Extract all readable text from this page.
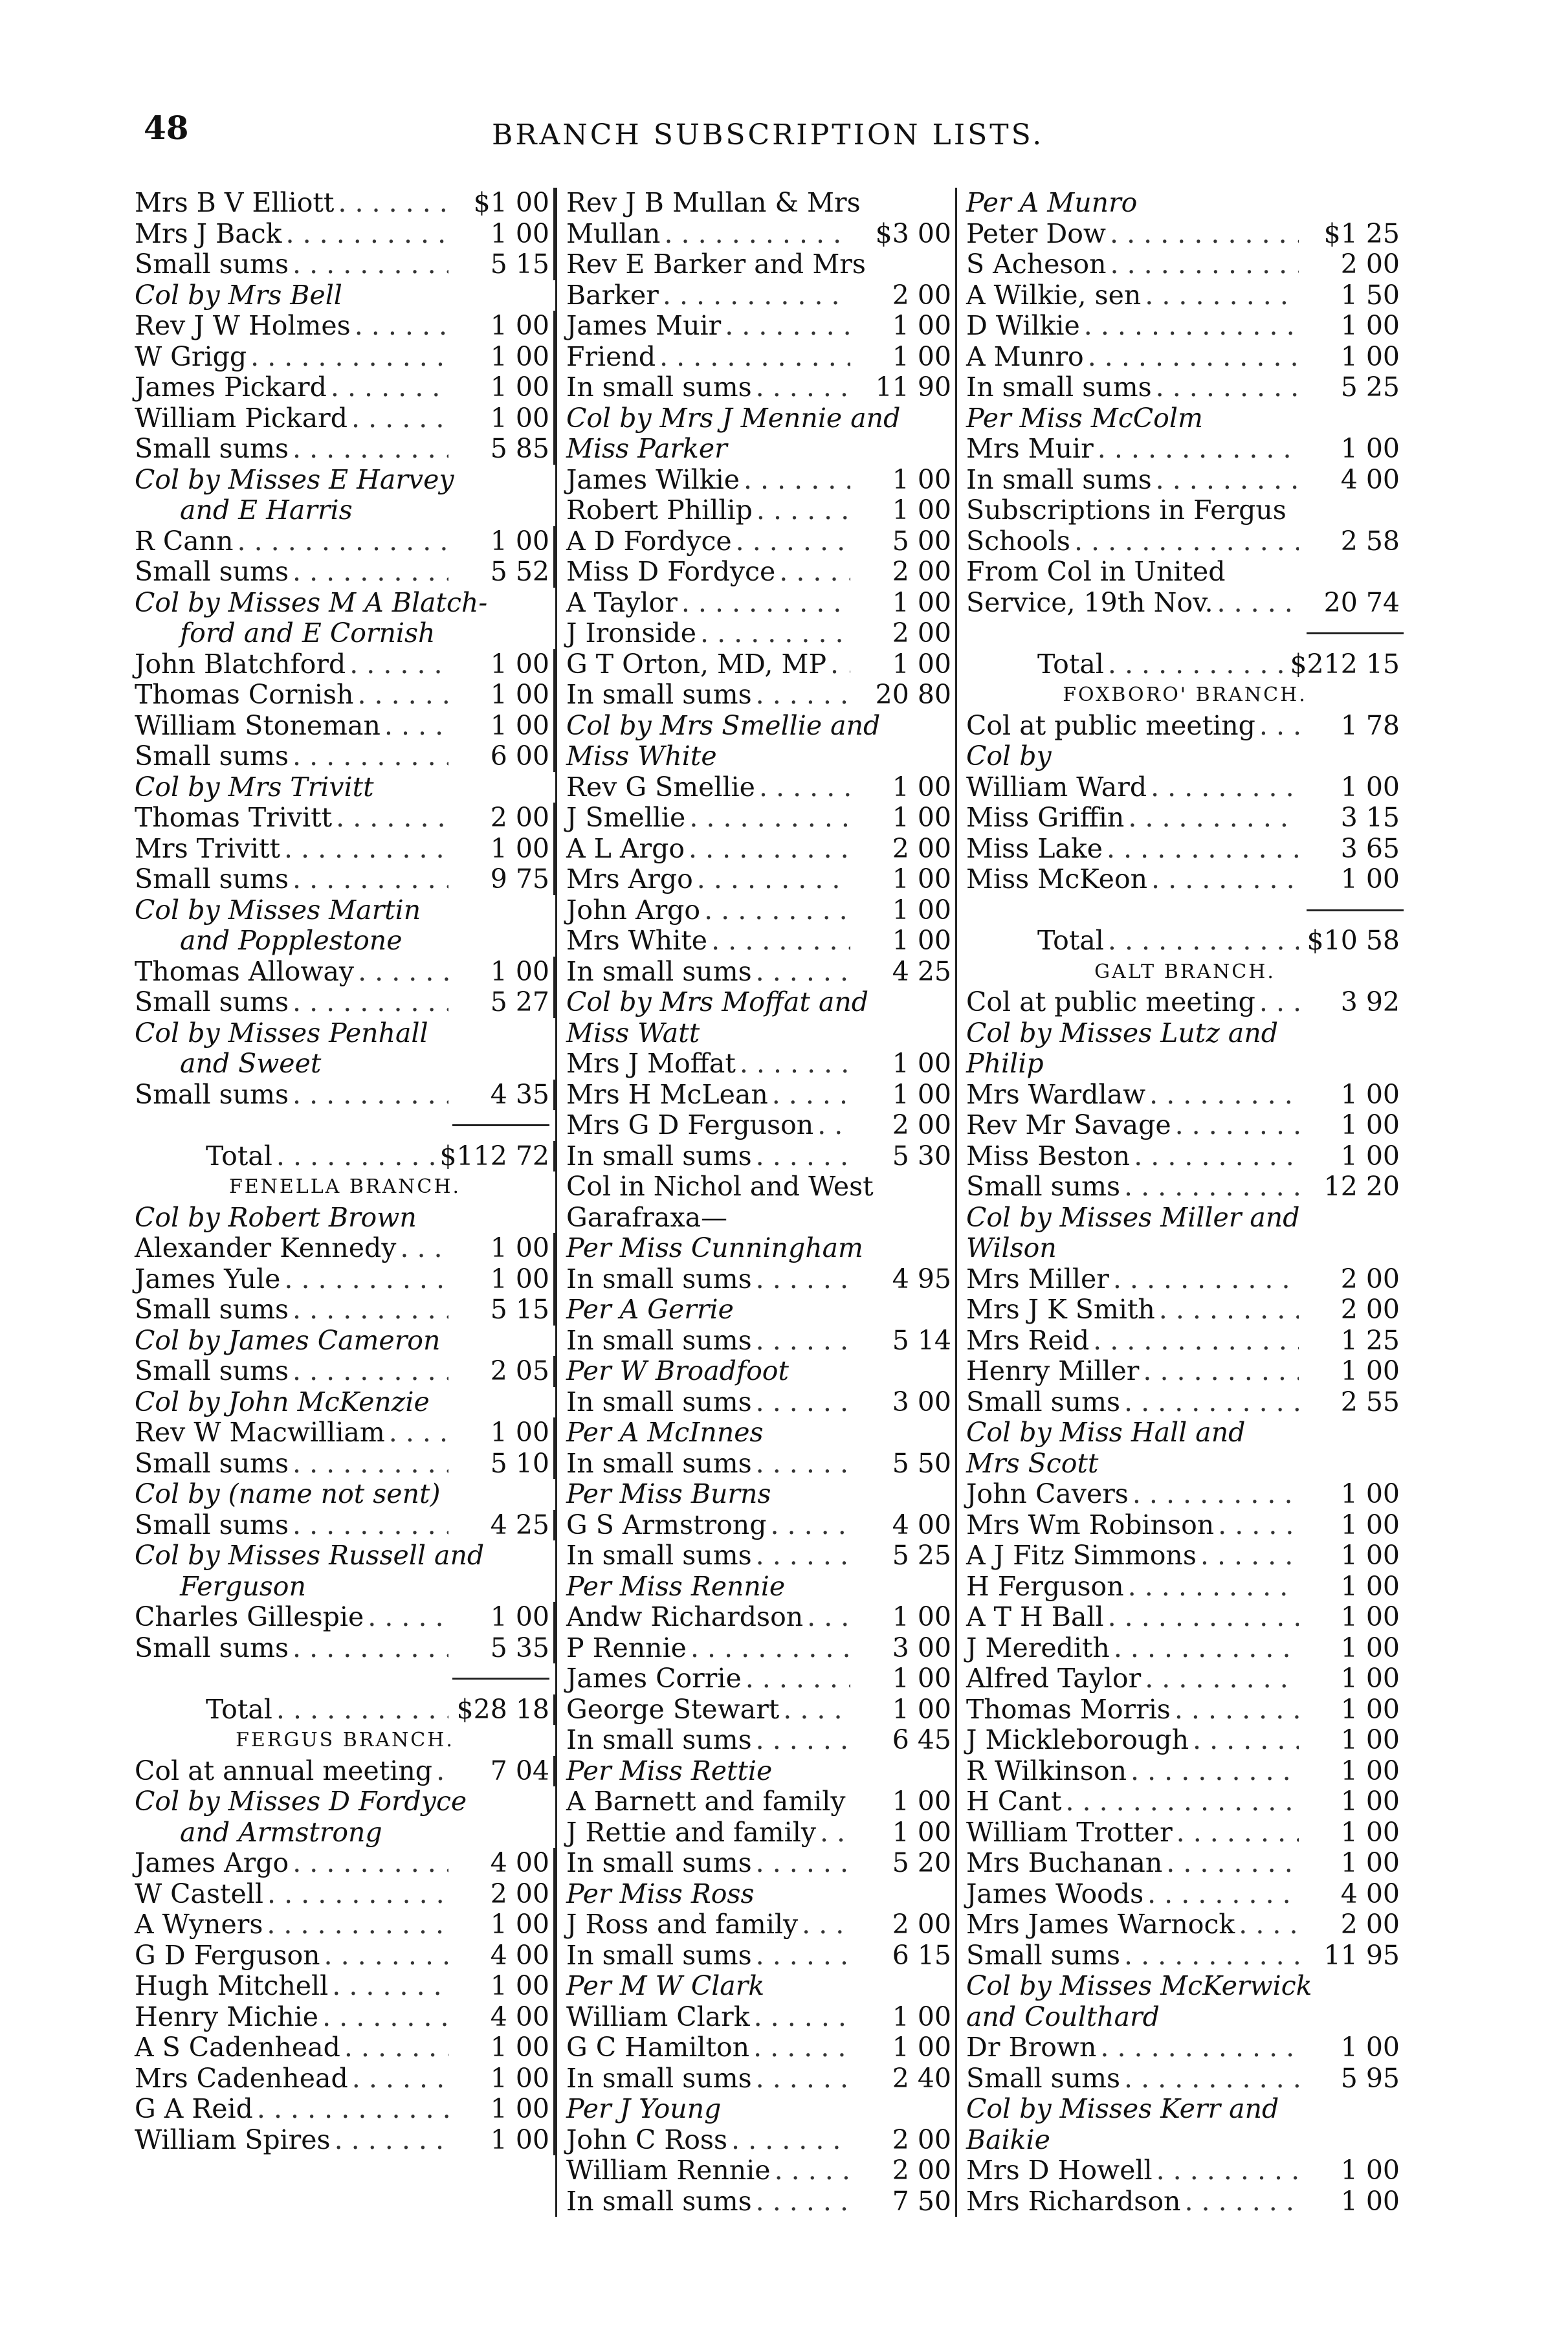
48	BRANCH SUBSCRIPTION LISTS.
Mrs B V Elliott . . .	$1 00
Mrs J Back . . .	1 00
Small sums . . .	5 15
Col by Mrs Bell
Rev J W Holmes . . .	1 00
W Grigg . . .	1 00
James Pickard . . .	1 00
William Pickard . . .	1 00
Small sums . . .	5 85
Col by Misses E Harvey
and E Harris
R Cann . . .	1 00
Small sums . . .	5 52
Col by Misses M A Blatch-
ford and E Cornish
John Blatchford . . .	1 00
Thomas Cornish . . .	1 00
William Stoneman . . .	1 00
Small sums . . .	6 00
Col by Mrs Trivitt
Thomas Trivitt . . .	2 00
Mrs Trivitt . . .	1 00
Small sums . . .	9 75
Col by Misses Martin
and Popplestone
Thomas Alloway . . .	1 00
Small sums . . .	5 27
Col by Misses Penhall
and Sweet
Small sums . . .	4 35
Total . . .	$112 72
FENELLA BRANCH.
Col by Robert Brown
Alexander Kennedy . . .	1 00
James Yule . . .	1 00
Small sums . . .	5 15
Col by James Cameron
Small sums . . .	2 05
Col by John McKenzie
Rev W Macwilliam . . .	1 00
Small sums . . .	5 10
Col by (name not sent)
Small sums . . .	4 25
Col by Misses Russell and
Ferguson
Charles Gillespie . . .	1 00
Small sums . . .	5 35
Total . . .	$28 18
FERGUS BRANCH.
Col at annual meeting . . .	7 04
Col by Misses D Fordyce
and Armstrong
James Argo . . .	4 00
W Castell . . .	2 00
A Wyners . . .	1 00
G D Ferguson . . .	4 00
Hugh Mitchell . . .	1 00
Henry Michie . . .	4 00
A S Cadenhead . . .	1 00
Mrs Cadenhead . . .	1 00
G A Reid . . .	1 00
William Spires . . .	1 00
Rev J B Mullan & Mrs
Mullan . . .	$3 00
Rev E Barker and Mrs
Barker . . .	2 00
James Muir . . .	1 00
Friend . . .	1 00
In small sums . . .	11 90
Col by Mrs J Mennie and
Miss Parker
James Wilkie . . .	1 00
Robert Phillip . . .	1 00
A D Fordyce . . .	5 00
Miss D Fordyce . . .	2 00
A Taylor . . .	1 00
J Ironside . . .	2 00
G T Orton, MD, MP . . .	1 00
In small sums . . .	20 80
Col by Mrs Smellie and
Miss White
Rev G Smellie . . .	1 00
J Smellie . . .	1 00
A L Argo . . .	2 00
Mrs Argo . . .	1 00
John Argo . . .	1 00
Mrs White . . .	1 00
In small sums . . .	4 25
Col by Mrs Moffat and
Miss Watt
Mrs J Moffat . . .	1 00
Mrs H McLean . . .	1 00
Mrs G D Ferguson . . .	2 00
In small sums . . .	5 30
Col in Nichol and West
Garafraxa—
Per Miss Cunningham
In small sums . . .	4 95
Per A Gerrie
In small sums . . .	5 14
Per W Broadfoot
In small sums . . .	3 00
Per A McInnes
In small sums . . .	5 50
Per Miss Burns
G S Armstrong . . .	4 00
In small sums . . .	5 25
Per Miss Rennie
Andw Richardson . . .	1 00
P Rennie . . .	3 00
James Corrie . . .	1 00
George Stewart . . .	1 00
In small sums . . .	6 45
Per Miss Rettie
A Barnett and family . . .	1 00
J Rettie and family . . .	1 00
In small sums . . .	5 20
Per Miss Ross
J Ross and family . . .	2 00
In small sums . . .	6 15
Per M W Clark
William Clark . . .	1 00
G C Hamilton . . .	1 00
In small sums . . .	2 40
Per J Young
John C Ross . . .	2 00
William Rennie . . .	2 00
In small sums . . .	7 50
Per A Munro
Peter Dow . . .	$1 25
S Acheson . . .	2 00
A Wilkie, sen . . .	1 50
D Wilkie . . .	1 00
A Munro . . .	1 00
In small sums . . .	5 25
Per Miss McColm
Mrs Muir . . .	1 00
In small sums . . .	4 00
Subscriptions in Fergus
Schools . . .	2 58
From Col in United
Service, 19th Nov. . . .	20 74
Total . . .	$212 15
FOXBORO' BRANCH.
Col at public meeting . . .	1 78
Col by
William Ward . . .	1 00
Miss Griffin . . .	3 15
Miss Lake . . .	3 65
Miss McKeon . . .	1 00
Total . . .	$10 58
GALT BRANCH.
Col at public meeting . . .	3 92
Col by Misses Lutz and
Philip
Mrs Wardlaw . . .	1 00
Rev Mr Savage . . .	1 00
Miss Beston . . .	1 00
Small sums . . .	12 20
Col by Misses Miller and
Wilson
Mrs Miller . . .	2 00
Mrs J K Smith . . .	2 00
Mrs Reid . . .	1 25
Henry Miller . . .	1 00
Small sums . . .	2 55
Col by Miss Hall and
Mrs Scott
John Cavers . . .	1 00
Mrs Wm Robinson . . .	1 00
A J Fitz Simmons . . .	1 00
H Ferguson . . .	1 00
A T H Ball . . .	1 00
J Meredith . . .	1 00
Alfred Taylor . . .	1 00
Thomas Morris . . .	1 00
J Mickleborough . . .	1 00
R Wilkinson . . .	1 00
H Cant . . .	1 00
William Trotter . . .	1 00
Mrs Buchanan . . .	1 00
James Woods . . .	4 00
Mrs James Warnock . . .	2 00
Small sums . . .	11 95
Col by Misses McKerwick
and Coulthard
Dr Brown . . .	1 00
Small sums . . .	5 95
Col by Misses Kerr and
Baikie
Mrs D Howell . . .	1 00
Mrs Richardson . . .	1 00
